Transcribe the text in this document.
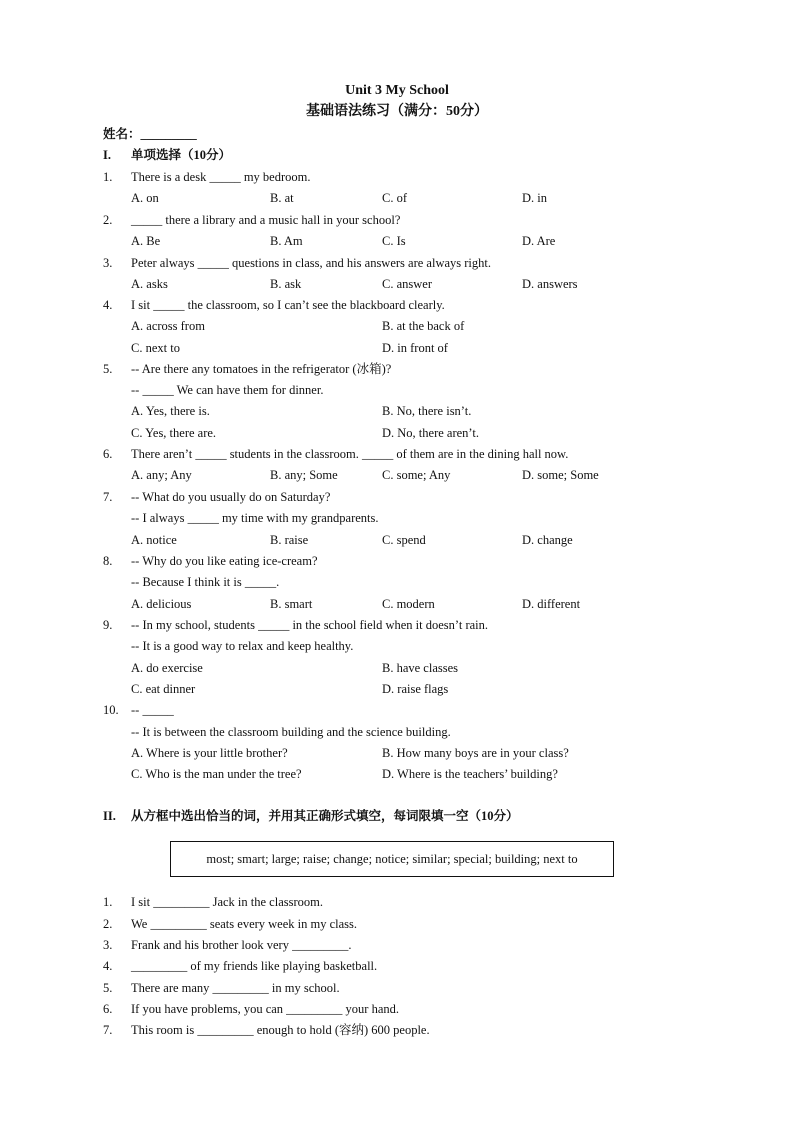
Unit 3 My School
基础语法练习（满分：50分）
姓名：_________
I. 单项选择（10分）
1. There is a desk _____ my bedroom.
A. on	B. at	C. of	D. in
2. _____ there a library and a music hall in your school?
A. Be	B. Am	C. Is	D. Are
3. Peter always _____ questions in class, and his answers are always right.
A. asks	B. ask	C. answer	D. answers
4. I sit _____ the classroom, so I can’t see the blackboard clearly.
A. across from	B. at the back of
C. next to	D. in front of
5. -- Are there any tomatoes in the refrigerator (冰箱)?
-- _____ We can have them for dinner.
A. Yes, there is.	B. No, there isn’t.
C. Yes, there are.	D. No, there aren’t.
6. There aren’t _____ students in the classroom. _____ of them are in the dining hall now.
A. any; Any	B. any; Some	C. some; Any	D. some; Some
7. -- What do you usually do on Saturday?
-- I always _____ my time with my grandparents.
A. notice	B. raise	C. spend	D. change
8. -- Why do you like eating ice-cream?
-- Because I think it is _____.
A. delicious	B. smart	C. modern	D. different
9. -- In my school, students _____ in the school field when it doesn’t rain.
-- It is a good way to relax and keep healthy.
A. do exercise	B. have classes
C. eat dinner	D. raise flags
10. -- _____
-- It is between the classroom building and the science building.
A. Where is your little brother?	B. How many boys are in your class?
C. Who is the man under the tree?	D. Where is the teachers’ building?
II. 从方框中选出恰当的词，并用其正确形式填空，每词限填一空（10分）
most; smart; large; raise; change; notice; similar; special; building; next to
1. I sit _________ Jack in the classroom.
2. We _________ seats every week in my class.
3. Frank and his brother look very _________.
4. _________ of my friends like playing basketball.
5. There are many _________ in my school.
6. If you have problems, you can _________ your hand.
7. This room is _________ enough to hold (容纳) 600 people.
